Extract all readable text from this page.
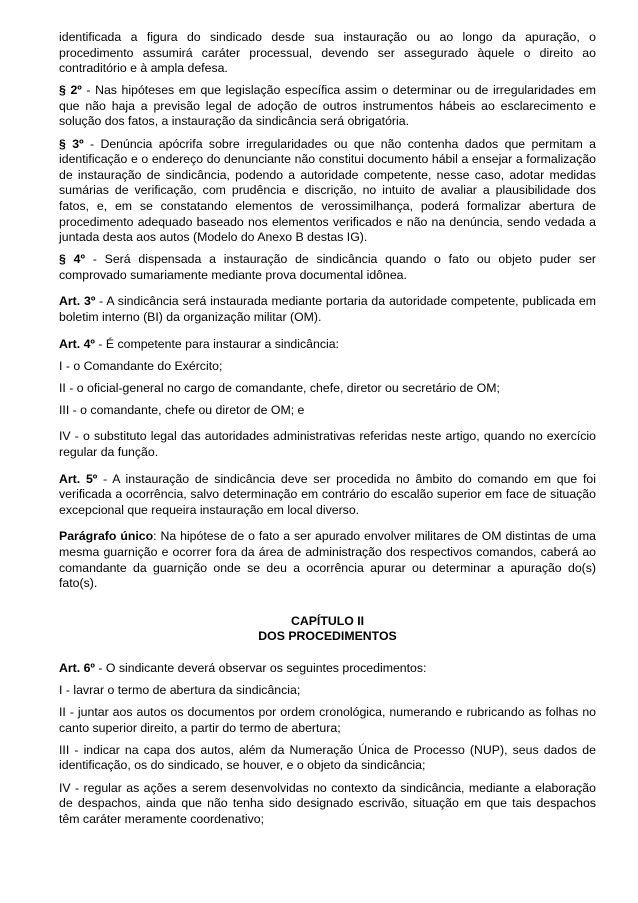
identificada a figura do sindicado desde sua instauração ou ao longo da apuração, o procedimento assumirá caráter processual, devendo ser assegurado àquele o direito ao contraditório e à ampla defesa.

§ 2º - Nas hipóteses em que legislação específica assim o determinar ou de irregularidades em que não haja a previsão legal de adoção de outros instrumentos hábeis ao esclarecimento e solução dos fatos, a instauração da sindicância será obrigatória.

§ 3º - Denúncia apócrifa sobre irregularidades ou que não contenha dados que permitam a identificação e o endereço do denunciante não constitui documento hábil a ensejar a formalização de instauração de sindicância, podendo a autoridade competente, nesse caso, adotar medidas sumárias de verificação, com prudência e discrição, no intuito de avaliar a plausibilidade dos fatos, e, em se constatando elementos de verossimilhança, poderá formalizar abertura de procedimento adequado baseado nos elementos verificados e não na denúncia, sendo vedada a juntada desta aos autos (Modelo do Anexo B destas IG).

§ 4º - Será dispensada a instauração de sindicância quando o fato ou objeto puder ser comprovado sumariamente mediante prova documental idônea.

Art. 3º - A sindicância será instaurada mediante portaria da autoridade competente, publicada em boletim interno (BI) da organização militar (OM).

Art. 4º - É competente para instaurar a sindicância:

I - o Comandante do Exército;

II - o oficial-general no cargo de comandante, chefe, diretor ou secretário de OM;

III - o comandante, chefe ou diretor de OM; e

IV - o substituto legal das autoridades administrativas referidas neste artigo, quando no exercício regular da função.

Art. 5º - A instauração de sindicância deve ser procedida no âmbito do comando em que foi verificada a ocorrência, salvo determinação em contrário do escalão superior em face de situação excepcional que requeira instauração em local diverso.

Parágrafo único: Na hipótese de o fato a ser apurado envolver militares de OM distintas de uma mesma guarnição e ocorrer fora da área de administração dos respectivos comandos, caberá ao comandante da guarnição onde se deu a ocorrência apurar ou determinar a apuração do(s) fato(s).

CAPÍTULO II
DOS PROCEDIMENTOS

Art. 6º - O sindicante deverá observar os seguintes procedimentos:

I - lavrar o termo de abertura da sindicância;

II - juntar aos autos os documentos por ordem cronológica, numerando e rubricando as folhas no canto superior direito, a partir do termo de abertura;

III - indicar na capa dos autos, além da Numeração Única de Processo (NUP), seus dados de identificação, os do sindicado, se houver, e o objeto da sindicância;

IV - regular as ações a serem desenvolvidas no contexto da sindicância, mediante a elaboração de despachos, ainda que não tenha sido designado escrivão, situação em que tais despachos têm caráter meramente coordenativo;
